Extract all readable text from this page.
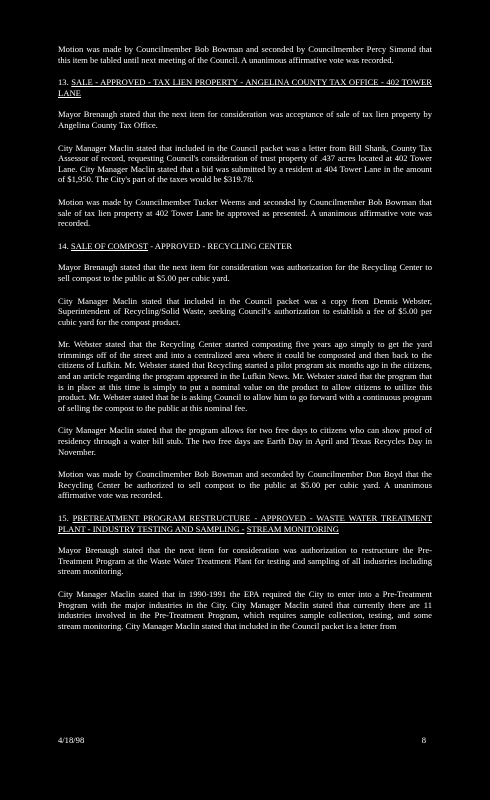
Motion was made by Councilmember Bob Bowman and seconded by Councilmember Percy Simond that this item be tabled until next meeting of the Council. A unanimous affirmative vote was recorded.

13. SALE - APPROVED - TAX LIEN PROPERTY - ANGELINA COUNTY TAX OFFICE - 402 TOWER LANE

Mayor Brenaugh stated that the next item for consideration was acceptance of sale of tax lien property by Angelina County Tax Office.

City Manager Maclin stated that included in the Council packet was a letter from Bill Shank, County Tax Assessor of record, requesting Council's consideration of trust property of .437 acres located at 402 Tower Lane. City Manager Maclin stated that a bid was submitted by a resident at 404 Tower Lane in the amount of $1,950. The City's part of the taxes would be $319.78.

Motion was made by Councilmember Tucker Weems and seconded by Councilmember Bob Bowman that sale of tax lien property at 402 Tower Lane be approved as presented. A unanimous affirmative vote was recorded.

14. SALE OF COMPOST - APPROVED - RECYCLING CENTER

Mayor Brenaugh stated that the next item for consideration was authorization for the Recycling Center to sell compost to the public at $5.00 per cubic yard.

City Manager Maclin stated that included in the Council packet was a copy from Dennis Webster, Superintendent of Recycling/Solid Waste, seeking Council's authorization to establish a fee of $5.00 per cubic yard for the compost product.

Mr. Webster stated that the Recycling Center started composting five years ago simply to get the yard trimmings off of the street and into a centralized area where it could be composted and then back to the citizens of Lufkin. Mr. Webster stated that Recycling started a pilot program six months ago in the citizens, and an article regarding the program appeared in the Lufkin News. Mr. Webster stated that the program that is in place at this time is simply to put a nominal value on the product to allow citizens to utilize this product. Mr. Webster stated that he is asking Council to allow him to go forward with a continuous program of selling the compost to the public at this nominal fee.

City Manager Maclin stated that the program allows for two free days to citizens who can show proof of residency through a water bill stub. The two free days are Earth Day in April and Texas Recycles Day in November.

Motion was made by Councilmember Bob Bowman and seconded by Councilmember Don Boyd that the Recycling Center be authorized to sell compost to the public at $5.00 per cubic yard. A unanimous affirmative vote was recorded.

15. PRETREATMENT PROGRAM RESTRUCTURE - APPROVED - WASTE WATER TREATMENT PLANT - INDUSTRY TESTING AND SAMPLING - STREAM MONITORING

Mayor Brenaugh stated that the next item for consideration was authorization to restructure the Pre-Treatment Program at the Waste Water Treatment Plant for testing and sampling of all industries including stream monitoring.

City Manager Maclin stated that in 1990-1991 the EPA required the City to enter into a Pre-Treatment Program with the major industries in the City. City Manager Maclin stated that currently there are 11 industries involved in the Pre-Treatment Program, which requires sample collection, testing, and some stream monitoring. City Manager Maclin stated that included in the Council packet is a letter from

4/18/98	8
